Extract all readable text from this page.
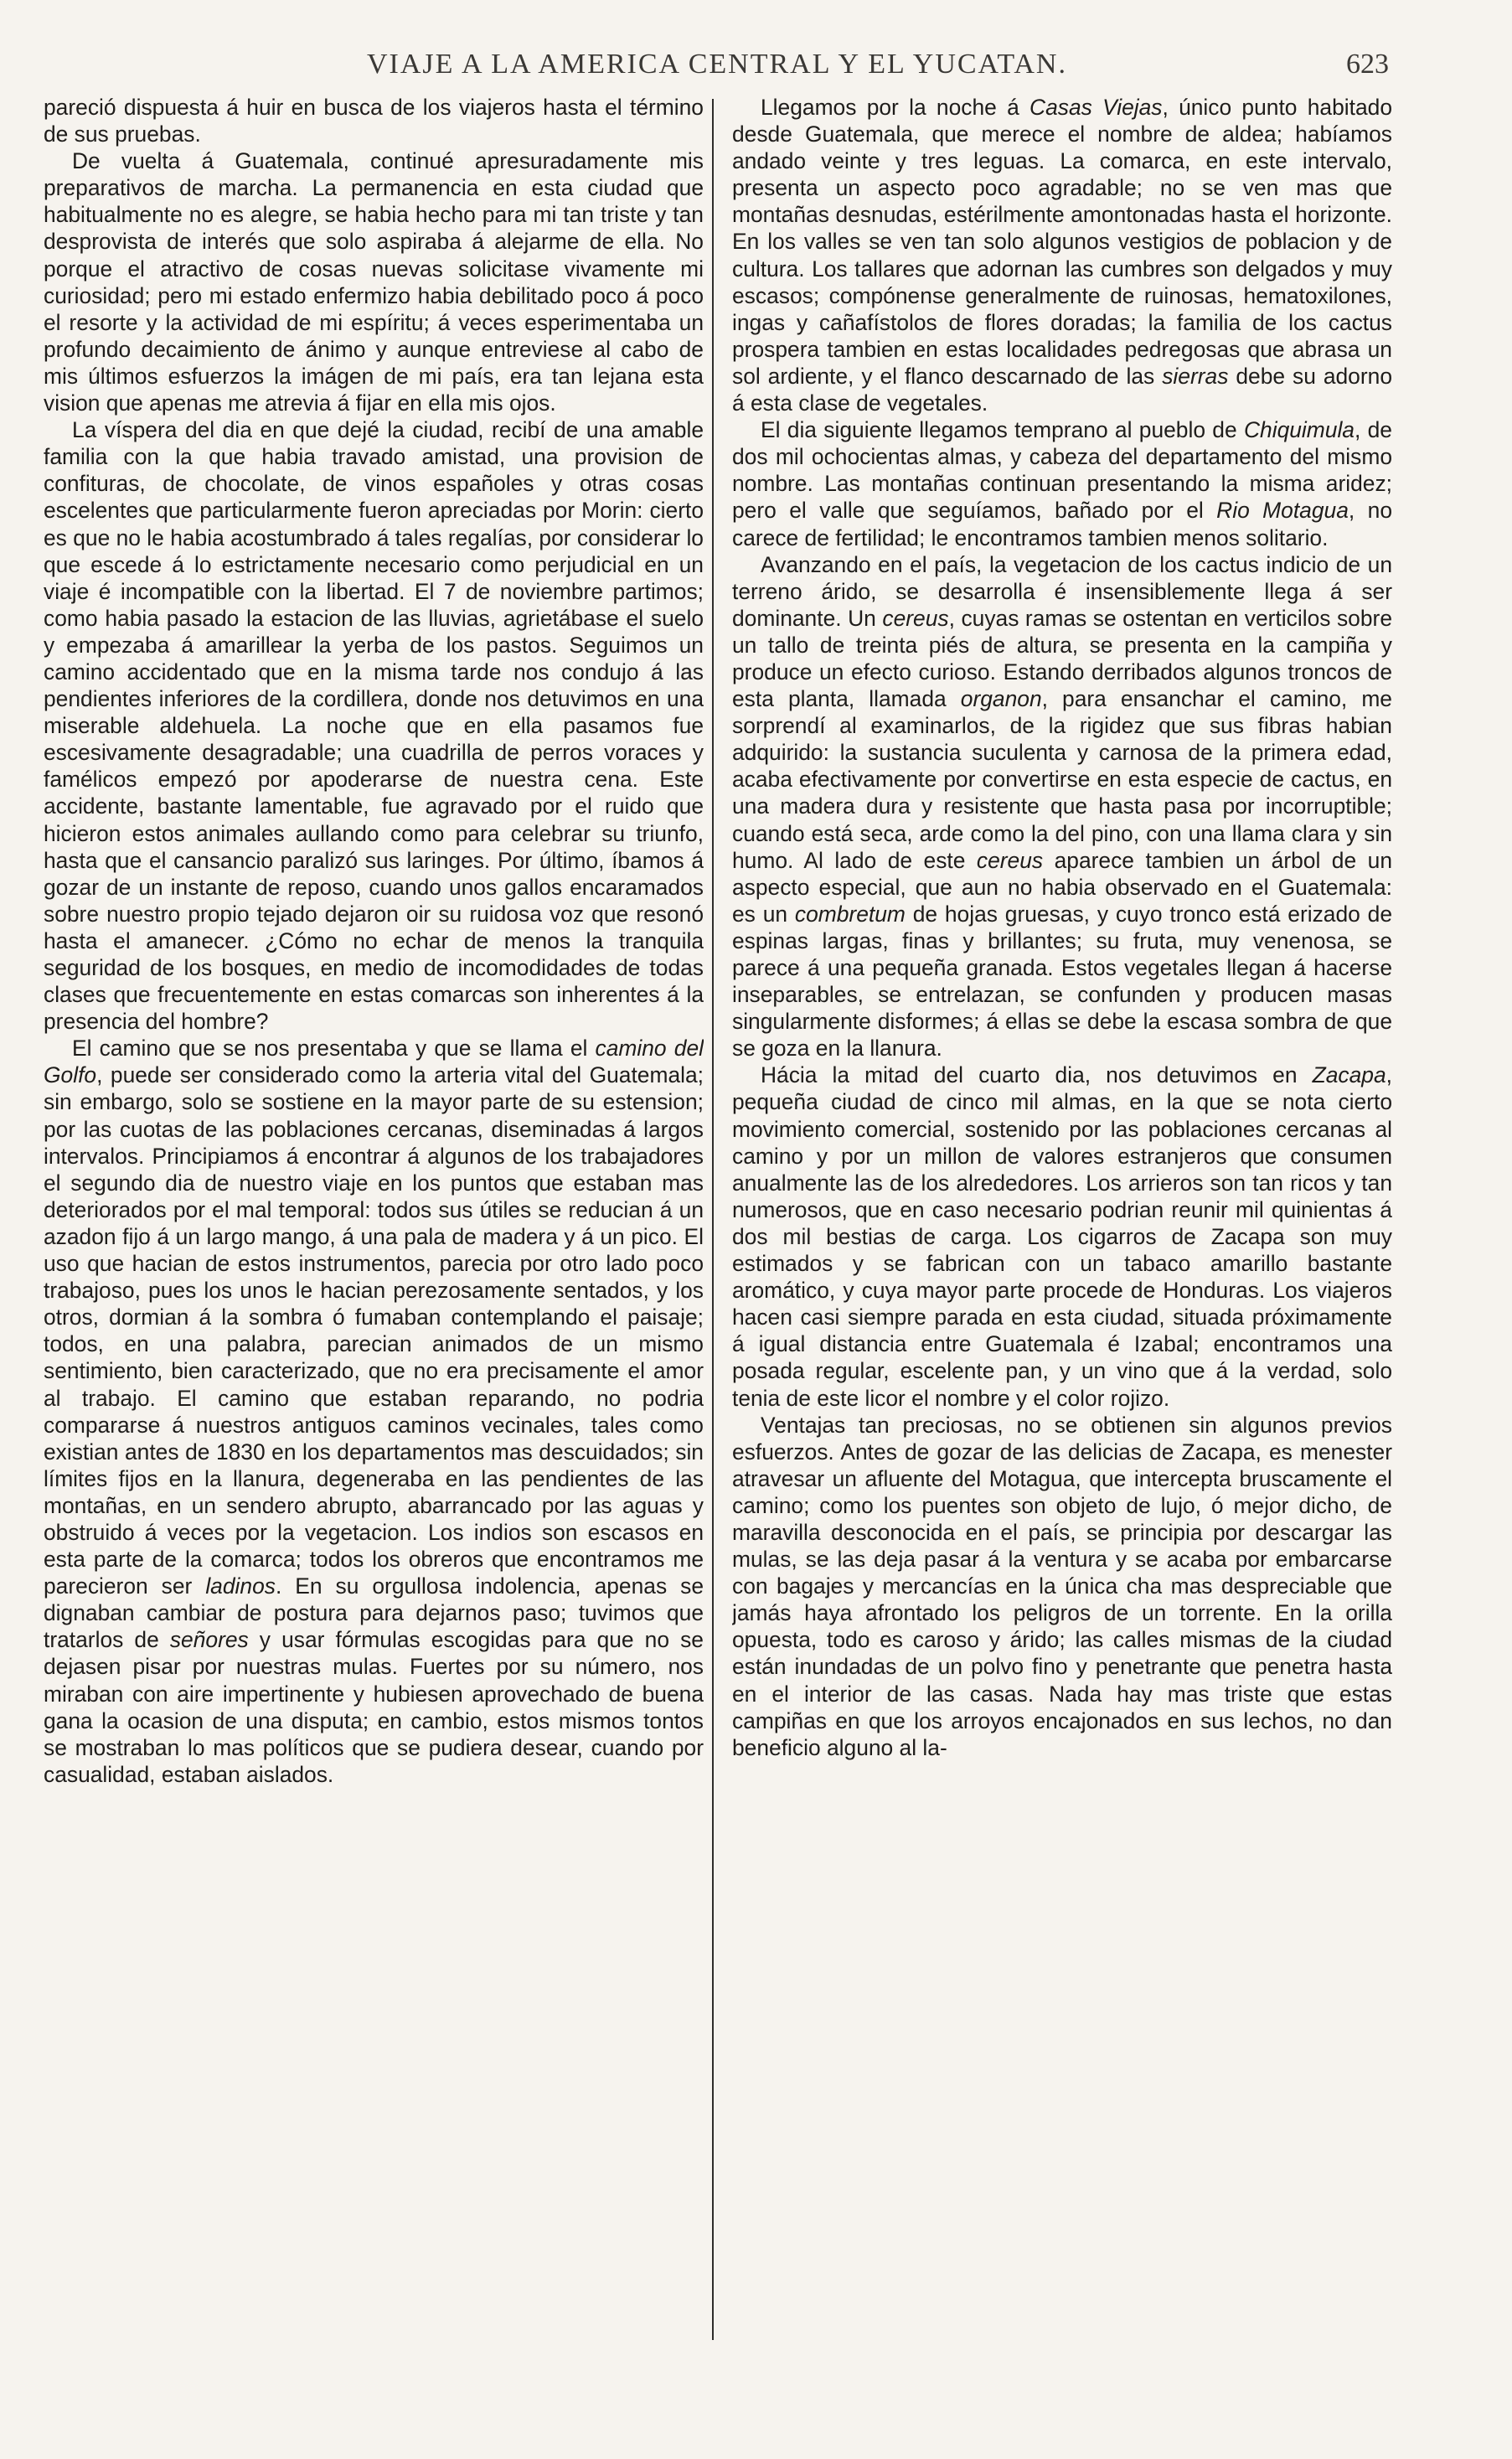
VIAJE A LA AMERICA CENTRAL Y EL YUCATAN.	623

pareció dispuesta á huir en busca de los viajeros hasta el término de sus pruebas.

De vuelta á Guatemala, continué apresuradamente mis preparativos de marcha. La permanencia en esta ciudad que habitualmente no es alegre, se habia hecho para mi tan triste y tan desprovista de interés que solo aspiraba á alejarme de ella. No porque el atractivo de cosas nuevas solicitase vivamente mi curiosidad; pero mi estado enfermizo habia debilitado poco á poco el resorte y la actividad de mi espíritu; á veces esperimentaba un profundo decaimiento de ánimo y aunque entreviese al cabo de mis últimos esfuerzos la imágen de mi país, era tan lejana esta vision que apenas me atrevia á fijar en ella mis ojos.

La víspera del dia en que dejé la ciudad, recibí de una amable familia con la que habia travado amistad, una provision de confituras, de chocolate, de vinos españoles y otras cosas escelentes que particularmente fueron apreciadas por Morin: cierto es que no le habia acostumbrado á tales regalías, por considerar lo que escede á lo estrictamente necesario como perjudicial en un viaje é incompatible con la libertad. El 7 de noviembre partimos; como habia pasado la estacion de las lluvias, agrietábase el suelo y empezaba á amarillear la yerba de los pastos. Seguimos un camino accidentado que en la misma tarde nos condujo á las pendientes inferiores de la cordillera, donde nos detuvimos en una miserable aldehuela. La noche que en ella pasamos fue escesivamente desagradable; una cuadrilla de perros voraces y famélicos empezó por apoderarse de nuestra cena. Este accidente, bastante lamentable, fue agravado por el ruido que hicieron estos animales aullando como para celebrar su triunfo, hasta que el cansancio paralizó sus laringes. Por último, íbamos á gozar de un instante de reposo, cuando unos gallos encaramados sobre nuestro propio tejado dejaron oir su ruidosa voz que resonó hasta el amanecer. ¿Cómo no echar de menos la tranquila seguridad de los bosques, en medio de incomodidades de todas clases que frecuentemente en estas comarcas son inherentes á la presencia del hombre?

El camino que se nos presentaba y que se llama el camino del Golfo, puede ser considerado como la arteria vital del Guatemala; sin embargo, solo se sostiene en la mayor parte de su estension; por las cuotas de las poblaciones cercanas, diseminadas á largos intervalos. Principiamos á encontrar á algunos de los trabajadores el segundo dia de nuestro viaje en los puntos que estaban mas deteriorados por el mal temporal: todos sus útiles se reducian á un azadon fijo á un largo mango, á una pala de madera y á un pico. El uso que hacian de estos instrumentos, parecia por otro lado poco trabajoso, pues los unos le hacian perezosamente sentados, y los otros, dormian á la sombra ó fumaban contemplando el paisaje; todos, en una palabra, parecian animados de un mismo sentimiento, bien caracterizado, que no era precisamente el amor al trabajo. El camino que estaban reparando, no podria compararse á nuestros antiguos caminos vecinales, tales como existian antes de 1830 en los departamentos mas descuidados; sin límites fijos en la llanura, degeneraba en las pendientes de las montañas, en un sendero abrupto, abarrancado por las aguas y obstruido á veces por la vegetacion. Los indios son escasos en esta parte de la comarca; todos los obreros que encontramos me parecieron ser ladinos. En su orgullosa indolencia, apenas se dignaban cambiar de postura para dejarnos paso; tuvimos que tratarlos de señores y usar fórmulas escogidas para que no se dejasen pisar por nuestras mulas. Fuertes por su número, nos miraban con aire impertinente y hubiesen aprovechado de buena gana la ocasion de una disputa; en cambio, estos mismos tontos se mostraban lo mas políticos que se pudiera desear, cuando por casualidad, estaban aislados.

Llegamos por la noche á Casas Viejas, único punto habitado desde Guatemala, que merece el nombre de aldea; habíamos andado veinte y tres leguas. La comarca, en este intervalo, presenta un aspecto poco agradable; no se ven mas que montañas desnudas, estérilmente amontonadas hasta el horizonte. En los valles se ven tan solo algunos vestigios de poblacion y de cultura. Los tallares que adornan las cumbres son delgados y muy escasos; compónense generalmente de ruinosas, hematoxilones, ingas y cañafístolos de flores doradas; la familia de los cactus prospera tambien en estas localidades pedregosas que abrasa un sol ardiente, y el flanco descarnado de las sierras debe su adorno á esta clase de vegetales.

El dia siguiente llegamos temprano al pueblo de Chiquimula, de dos mil ochocientas almas, y cabeza del departamento del mismo nombre. Las montañas continuan presentando la misma aridez; pero el valle que seguíamos, bañado por el Rio Motagua, no carece de fertilidad; le encontramos tambien menos solitario.

Avanzando en el país, la vegetacion de los cactus indicio de un terreno árido, se desarrolla é insensiblemente llega á ser dominante. Un cereus, cuyas ramas se ostentan en verticilos sobre un tallo de treinta piés de altura, se presenta en la campiña y produce un efecto curioso. Estando derribados algunos troncos de esta planta, llamada organon, para ensanchar el camino, me sorprendí al examinarlos, de la rigidez que sus fibras habian adquirido: la sustancia suculenta y carnosa de la primera edad, acaba efectivamente por convertirse en esta especie de cactus, en una madera dura y resistente que hasta pasa por incorruptible; cuando está seca, arde como la del pino, con una llama clara y sin humo. Al lado de este cereus aparece tambien un árbol de un aspecto especial, que aun no habia observado en el Guatemala: es un combretum de hojas gruesas, y cuyo tronco está erizado de espinas largas, finas y brillantes; su fruta, muy venenosa, se parece á una pequeña granada. Estos vegetales llegan á hacerse inseparables, se entrelazan, se confunden y producen masas singularmente disformes; á ellas se debe la escasa sombra de que se goza en la llanura.

Hácia la mitad del cuarto dia, nos detuvimos en Zacapa, pequeña ciudad de cinco mil almas, en la que se nota cierto movimiento comercial, sostenido por las poblaciones cercanas al camino y por un millon de valores estranjeros que consumen anualmente las de los alrededores. Los arrieros son tan ricos y tan numerosos, que en caso necesario podrian reunir mil quinientas á dos mil bestias de carga. Los cigarros de Zacapa son muy estimados y se fabrican con un tabaco amarillo bastante aromático, y cuya mayor parte procede de Honduras. Los viajeros hacen casi siempre parada en esta ciudad, situada próximamente á igual distancia entre Guatemala é Izabal; encontramos una posada regular, escelente pan, y un vino que á la verdad, solo tenia de este licor el nombre y el color rojizo.

Ventajas tan preciosas, no se obtienen sin algunos previos esfuerzos. Antes de gozar de las delicias de Zacapa, es menester atravesar un afluente del Motagua, que intercepta bruscamente el camino; como los puentes son objeto de lujo, ó mejor dicho, de maravilla desconocida en el país, se principia por descargar las mulas, se las deja pasar á la ventura y se acaba por embarcarse con bagajes y mercancías en la única cha mas despreciable que jamás haya afrontado los peligros de un torrente. En la orilla opuesta, todo es caroso y árido; las calles mismas de la ciudad están inundadas de un polvo fino y penetrante que penetra hasta en el interior de las casas. Nada hay mas triste que estas campiñas en que los arroyos encajonados en sus lechos, no dan beneficio alguno al la-
